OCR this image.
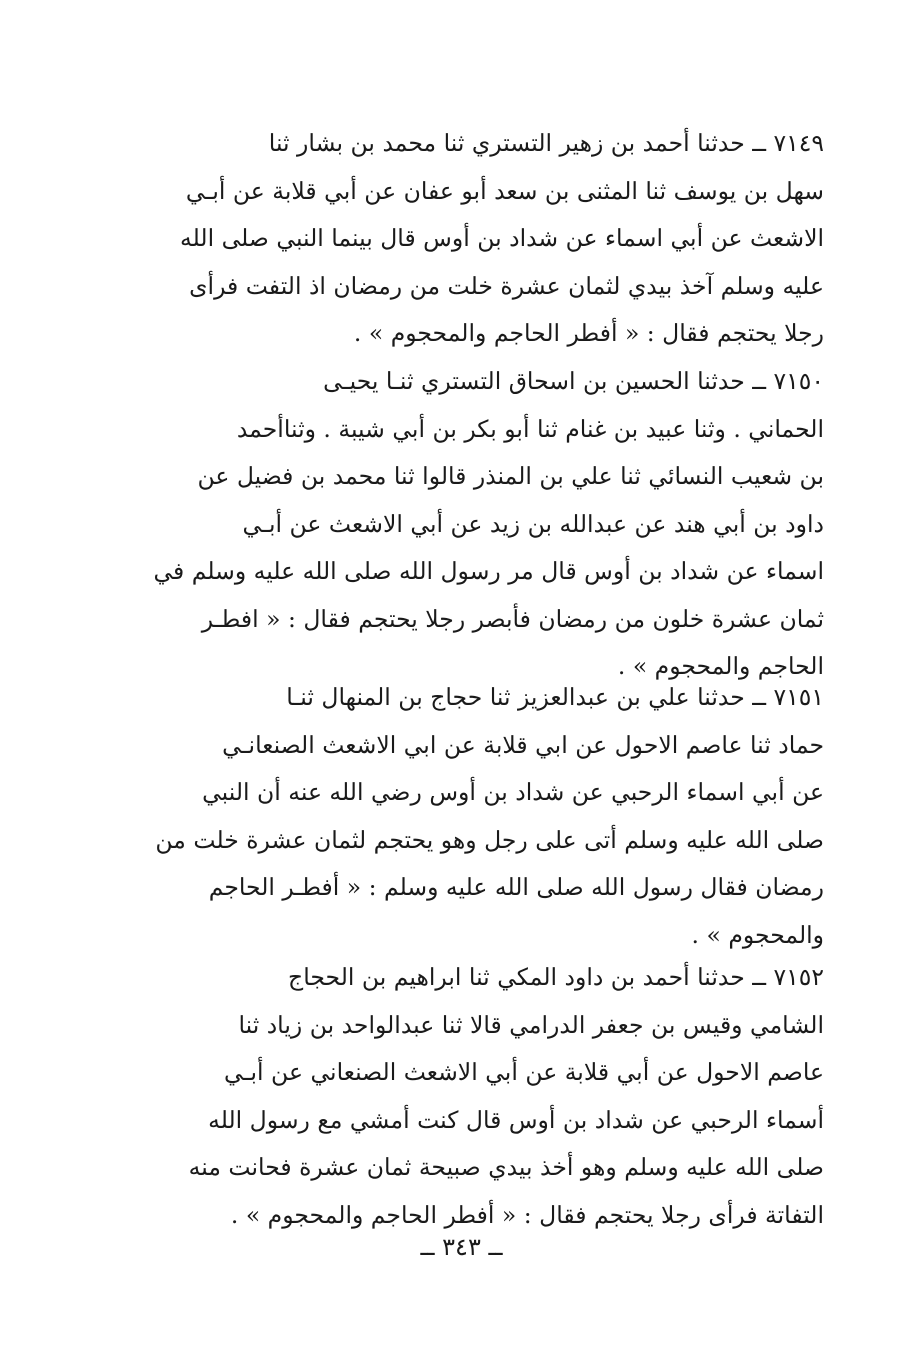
٧١٤٩ ــ حدثنا أحمد بن زهير التستري ثنا محمد بن بشار ثنا
سهل بن يوسف ثنا المثنى بن سعد أبو عفان عن أبي قلابة عن أبـي
الاشعث عن أبي اسماء عن شداد بن أوس قال بينما النبي صلى الله
عليه وسلم آخذ بيدي لثمان عشرة خلت من رمضان اذ التفت فرأى
رجلا يحتجم فقال : « أفطر الحاجم والمحجوم » .
٧١٥٠ ــ حدثنا الحسين بن اسحاق التستري ثنـا يحيـى
الحماني . وثنا عبيد بن غنام ثنا أبو بكر بن أبي شيبة . وثناأحمد
بن شعيب النسائي ثنا علي بن المنذر قالوا ثنا محمد بن فضيل عن
داود بن أبي هند عن عبدالله بن زيد عن أبي الاشعث عن أبـي
اسماء عن شداد بن أوس قال مر رسول الله صلى الله عليه وسلم في
ثمان عشرة خلون من رمضان فأبصر رجلا يحتجم فقال : « افطـر
الحاجم والمحجوم » .
٧١٥١ ــ حدثنا علي بن عبدالعزيز ثنا حجاج بن المنهال ثنـا
حماد ثنا عاصم الاحول عن ابي قلابة عن ابي الاشعث الصنعانـي
عن أبي اسماء الرحبي عن شداد بن أوس رضي الله عنه أن النبي
صلى الله عليه وسلم أتى على رجل وهو يحتجم لثمان عشرة خلت من
رمضان فقال رسول الله صلى الله عليه وسلم : « أفطـر الحاجم
والمحجوم » .
٧١٥٢ ــ حدثنا أحمد بن داود المكي ثنا ابراهيم بن الحجاج
الشامي وقيس بن جعفر الدرامي قالا ثنا عبدالواحد بن زياد ثنا
عاصم الاحول عن أبي قلابة عن أبي الاشعث الصنعاني عن أبـي
أسماء الرحبي عن شداد بن أوس قال كنت أمشي مع رسول الله
صلى الله عليه وسلم وهو أخذ بيدي صبيحة ثمان عشرة فحانت منه
التفاتة فرأى رجلا يحتجم فقال : « أفطر الحاجم والمحجوم » .
ــ ٣٤٣ ــ
